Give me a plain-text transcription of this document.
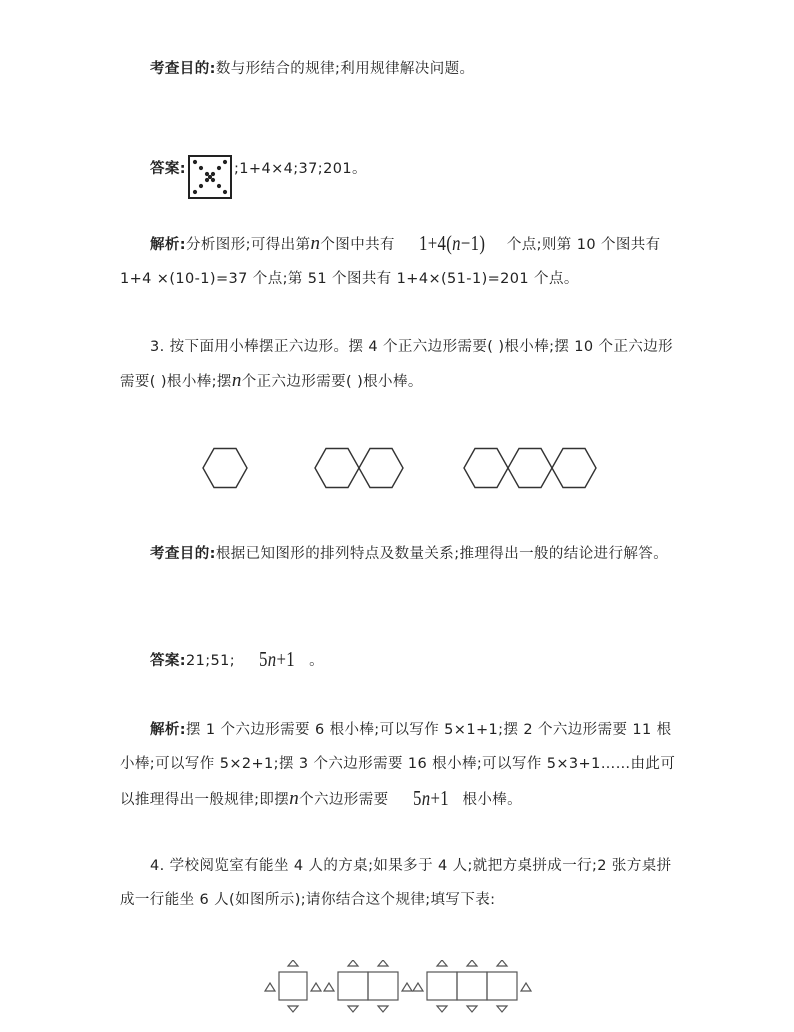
考查目的:数与形结合的规律;利用规律解决问题。
答案:	;1+4×4;37;201。
解析:分析图形;可得出第n个图中共有 1+4(n−1) 个点;则第 10 个图共有 1+4 ×(10-1)=37 个点;第 51 个图共有 1+4×(51-1)=201 个点。
3. 按下面用小棒摆正六边形。摆 4 个正六边形需要( )根小棒;摆 10 个正六边形需要( )根小棒;摆n个正六边形需要( )根小棒。
考查目的:根据已知图形的排列特点及数量关系;推理得出一般的结论进行解答。
答案:21;51; 5n+1 。
解析:摆 1 个六边形需要 6 根小棒;可以写作 5×1+1;摆 2 个六边形需要 11 根小棒;可以写作 5×2+1;摆 3 个六边形需要 16 根小棒;可以写作 5×3+1……由此可以推理得出一般规律;即摆n个六边形需要 5n+1 根小棒。
4. 学校阅览室有能坐 4 人的方桌;如果多于 4 人;就把方桌拼成一行;2 张方桌拼成一行能坐 6 人(如图所示);请你结合这个规律;填写下表:
